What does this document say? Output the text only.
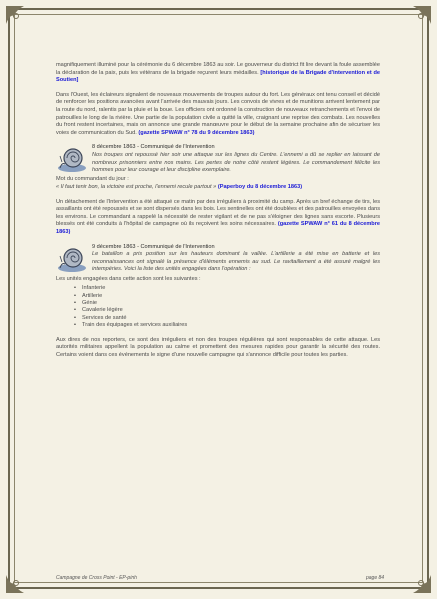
magnifiquement illuminé pour la cérémonie du 6 décembre 1863 au soir. Le gouverneur du district fit lire devant la foule assemblée la déclaration de la paix, puis les vétérans de la brigade reçurent leurs médailles. [historique de la Brigade d'intervention et de Soutien]

Dans l'Ouest, les éclaireurs signalent de nouveaux mouvements de troupes autour du fort. Les généraux ont tenu conseil et décidé de renforcer les positions avancées avant l'arrivée des mauvais jours. Les convois de vivres et de munitions arrivent lentement par la route du nord, ralentis par la pluie et la boue. Les officiers ont ordonné la construction de nouveaux retranchements et l'envoi de patrouilles le long de la rivière. Une partie de la population civile a quitté la ville, craignant une reprise des combats. Les nouvelles du front restent incertaines, mais on annonce une grande manœuvre pour le début de la semaine prochaine afin de sécuriser les voies de communication du Sud. (gazette SPWAW n° 78 du 9 décembre 1863)

8 décembre 1863 - Communiqué de l'Intervention
Nos troupes ont repoussé hier soir une attaque sur les lignes du Centre. L'ennemi a dû se replier en laissant de nombreux prisonniers entre nos mains. Les pertes de notre côté restent légères. Le commandement félicite les hommes pour leur courage et leur discipline exemplaire.
Mot du commandant du jour :
« Il faut tenir bon, la victoire est proche, l'ennemi recule partout » (Paperboy du 8 décembre 1863)

Un détachement de l'Intervention a été attaqué ce matin par des irréguliers à proximité du camp. Après un bref échange de tirs, les assaillants ont été repoussés et se sont dispersés dans les bois. Les sentinelles ont été doublées et des patrouilles envoyées dans les environs. Le commandant a rappelé la nécessité de rester vigilant et de ne pas s'éloigner des lignes sans escorte. Plusieurs blessés ont été conduits à l'hôpital de campagne où ils reçoivent les soins nécessaires. (gazette SPWAW n° 61 du 8 décembre 1863)

9 décembre 1863 - Communiqué de l'Intervention
Le bataillon a pris position sur les hauteurs dominant la vallée. L'artillerie a été mise en batterie et les reconnaissances ont signalé la présence d'éléments ennemis au sud. Le ravitaillement a été assuré malgré les intempéries. Voici la liste des unités engagées dans l'opération :
Les unités engagées dans cette action sont les suivantes :
• Infanterie
• Artillerie
• Génie
• Cavalerie légère
• Services de santé
• Train des équipages et services auxiliaires

Aux dires de nos reporters, ce sont des irréguliers et non des troupes régulières qui sont responsables de cette attaque. Les autorités militaires appellent la population au calme et promettent des mesures rapides pour garantir la sécurité des routes. Certains voient dans ces événements le signe d'une nouvelle campagne qui s'annonce difficile pour toutes les parties.

Campagne de Cross Point - EP-pinh	page 84
